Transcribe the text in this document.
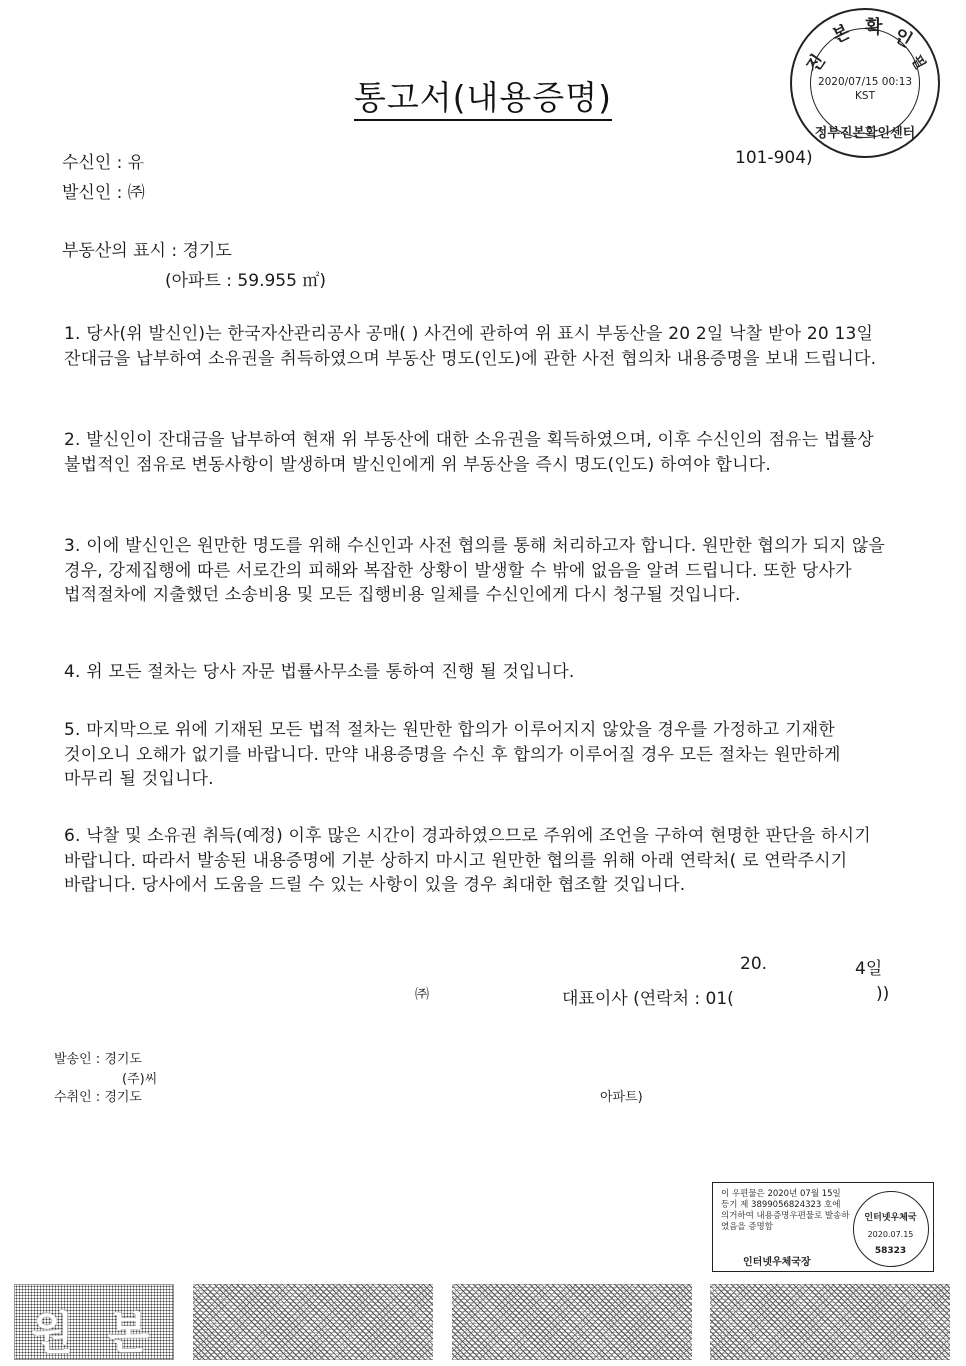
진
본 확 인
필
2020/07/15 00:13
KST
정부진본확인센터
통고서(내용증명)
수신인 : 유	101-904)
발신인 : ㈜
부동산의 표시 : 경기도
(아파트 : 59.955 ㎡)
1. 당사(위 발신인)는 한국자산관리공사 공매( ) 사건에 관하여 위 표시 부동산을 20 2일 낙찰 받아 20 13일 잔대금을 납부하여 소유권을 취득하였으며 부동산 명도(인도)에 관한 사전 협의차 내용증명을 보내 드립니다.
2. 발신인이 잔대금을 납부하여 현재 위 부동산에 대한 소유권을 획득하였으며, 이후 수신인의 점유는 법률상 불법적인 점유로 변동사항이 발생하며 발신인에게 위 부동산을 즉시 명도(인도) 하여야 합니다.
3. 이에 발신인은 원만한 명도를 위해 수신인과 사전 협의를 통해 처리하고자 합니다. 원만한 협의가 되지 않을 경우, 강제집행에 따른 서로간의 피해와 복잡한 상황이 발생할 수 밖에 없음을 알려 드립니다. 또한 당사가 법적절차에 지출했던 소송비용 및 모든 집행비용 일체를 수신인에게 다시 청구될 것입니다.
4. 위 모든 절차는 당사 자문 법률사무소를 통하여 진행 될 것입니다.
5. 마지막으로 위에 기재된 모든 법적 절차는 원만한 합의가 이루어지지 않았을 경우를 가정하고 기재한 것이오니 오해가 없기를 바랍니다. 만약 내용증명을 수신 후 합의가 이루어질 경우 모든 절차는 원만하게 마무리 될 것입니다.
6. 낙찰 및 소유권 취득(예정) 이후 많은 시간이 경과하였으므로 주위에 조언을 구하여 현명한 판단을 하시기 바랍니다. 따라서 발송된 내용증명에 기분 상하지 마시고 원만한 협의를 위해 아래 연락처( 로 연락주시기 바랍니다. 당사에서 도움을 드릴 수 있는 사항이 있을 경우 최대한 협조할 것입니다.
20.	4일
㈜	대표이사 (연락처 : 01(	))
발송인 : 경기도
(주)씨
수취인 : 경기도	아파트)
이 우편물은 2020년 07월 15일 등기 제 3899056824323 호에 의거하여 내용증명우편물로 발송하였음을 증명함
인터넷우체국장
인터넷우체국
2020.07.15
58323
원 본
